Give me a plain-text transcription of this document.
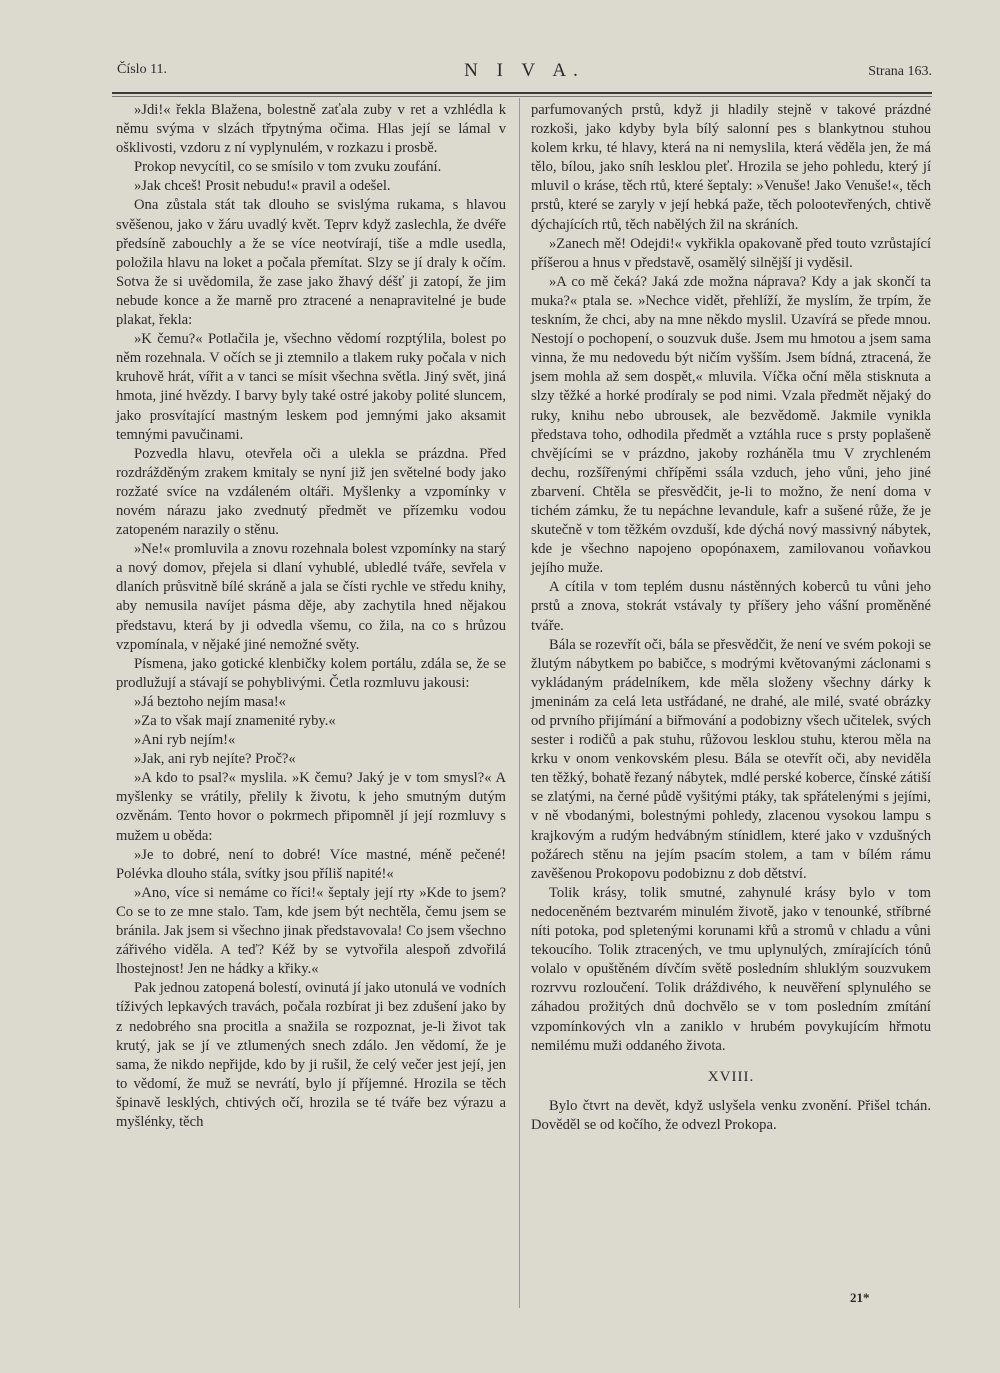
Číslo 11.	N I V A.	Strana 163.

»Jdi!« řekla Blažena, bolestně zaťala zuby v ret a vzhlédla k němu svýma v slzách třpytnýma očima. Hlas její se lámal v ošklivosti, vzdoru z ní vyplynulém, v rozkazu i prosbě.

Prokop nevycítil, co se smísilo v tom zvuku zoufání.

»Jak chceš! Prosit nebudu!« pravil a odešel.

Ona zůstala stát tak dlouho se svislýma rukama, s hlavou svěšenou, jako v žáru uvadlý květ. Teprv když zaslechla, že dvéře předsíně zabouchly a že se více neotvírají, tiše a mdle usedla, položila hlavu na loket a počala přemítat. Slzy se jí draly k očím. Sotva že si uvědomila, že zase jako žhavý déšť ji zatopí, že jim nebude konce a že marně pro ztracené a nenapravitelné je bude plakat, řekla:

»K čemu?« Potlačila je, všechno vědomí rozptýlila, bolest po něm rozehnala. V očích se ji ztemnilo a tlakem ruky počala v nich kruhově hrát, vířit a v tanci se mísit všechna světla. Jiný svět, jiná hmota, jiné hvězdy. I barvy byly také ostré jakoby polité sluncem, jako prosvítající mastným leskem pod jemnými jako aksamit temnými pavučinami.

Pozvedla hlavu, otevřela oči a ulekla se prázdna. Před rozdrážděným zrakem kmitaly se nyní již jen světelné body jako rozžaté svíce na vzdáleném oltáři. Myšlenky a vzpomínky v novém nárazu jako zvednutý předmět ve přízemku vodou zatopeném narazily o stěnu.

»Ne!« promluvila a znovu rozehnala bolest vzpomínky na starý a nový domov, přejela si dlaní vyhublé, ubledlé tváře, sevřela v dlaních průsvitně bílé skráně a jala se čísti rychle ve středu knihy, aby nemusila navíjet pásma děje, aby zachytila hned nějakou představu, která by ji odvedla všemu, co žila, na co s hrůzou vzpomínala, v nějaké jiné nemožné světy.

Písmena, jako gotické klenbičky kolem portálu, zdála se, že se prodlužují a stávají se pohyblivými. Četla rozmluvu jakousi:

»Já beztoho nejím masa!«

»Za to však mají znamenité ryby.«

»Ani ryb nejím!«

»Jak, ani ryb nejíte? Proč?«

»A kdo to psal?« myslila. »K čemu? Jaký je v tom smysl?« A myšlenky se vrátily, přelily k životu, k jeho smutným dutým ozvěnám. Tento hovor o pokrmech připomněl jí její rozmluvy s mužem u oběda:

»Je to dobré, není to dobré! Více mastné, méně pečené! Polévka dlouho stála, svítky jsou příliš napité!«

»Ano, více si nemáme co říci!« šeptaly její rty »Kde to jsem? Co se to ze mne stalo. Tam, kde jsem být nechtěla, čemu jsem se bránila. Jak jsem si všechno jinak představovala! Co jsem všechno zářivého viděla. A teď? Kéž by se vytvořila alespoň zdvořilá lhostejnost! Jen ne hádky a křiky.«

Pak jednou zatopená bolestí, ovinutá jí jako utonulá ve vodních tíživých lepkavých travách, počala rozbírat ji bez zdušení jako by z nedobrého sna procitla a snažila se rozpoznat, je-li život tak krutý, jak se jí ve ztlumených snech zdálo. Jen vědomí, že je sama, že nikdo nepřijde, kdo by ji rušil, že celý večer jest její, jen to vědomí, že muž se nevrátí, bylo jí příjemné. Hrozila se těch špinavě lesklých, chtivých očí, hrozila se té tváře bez výrazu a myšlénky, těch

parfumovaných prstů, když ji hladily stejně v takové prázdné rozkoši, jako kdyby byla bílý salonní pes s blankytnou stuhou kolem krku, té hlavy, která na ni nemyslila, která věděla jen, že má tělo, bílou, jako sníh lesklou pleť. Hrozila se jeho pohledu, který jí mluvil o kráse, těch rtů, které šeptaly: »Venuše! Jako Venuše!«, těch prstů, které se zaryly v její hebká paže, těch polootevřených, chtivě dýchajících rtů, těch nabělých žil na skráních.

»Zanech mě! Odejdi!« vykřikla opakovaně před touto vzrůstající příšerou a hnus v představě, osamělý silnější ji vyděsil.

»A co mě čeká? Jaká zde možna náprava? Kdy a jak skončí ta muka?« ptala se. »Nechce vidět, přehlíží, že myslím, že trpím, že teskním, že chci, aby na mne někdo myslil. Uzavírá se přede mnou. Nestojí o pochopení, o souzvuk duše. Jsem mu hmotou a jsem sama vinna, že mu nedovedu být ničím vyšším. Jsem bídná, ztracená, že jsem mohla až sem dospět,« mluvila. Víčka oční měla stisknuta a slzy těžké a horké prodíraly se pod nimi. Vzala předmět nějaký do ruky, knihu nebo ubrousek, ale bezvědomě. Jakmile vynikla představa toho, odhodila předmět a vztáhla ruce s prsty poplašeně chvějícími se v prázdno, jakoby rozháněla tmu V zrychleném dechu, rozšířenými chřípěmi ssála vzduch, jeho vůni, jeho jiné zbarvení. Chtěla se přesvědčit, je-li to možno, že není doma v tichém zámku, že tu nepáchne levandule, kafr a sušené růže, že je skutečně v tom těžkém ovzduší, kde dýchá nový massivný nábytek, kde je všechno napojeno opopónaxem, zamilovanou voňavkou jejího muže.

A cítila v tom teplém dusnu nástěnných koberců tu vůni jeho prstů a znova, stokrát vstávaly ty příšery jeho vášní proměněné tváře.

Bála se rozevřít oči, bála se přesvědčit, že není ve svém pokoji se žlutým nábytkem po babičce, s modrými květovanými záclonami s vykládaným prádelníkem, kde měla složeny všechny dárky k jmeninám za celá leta ustřádané, ne drahé, ale milé, svaté obrázky od prvního přijímání a biřmování a podobizny všech učitelek, svých sester i rodičů a pak stuhu, růžovou lesklou stuhu, kterou měla na krku v onom venkovském plesu. Bála se otevřít oči, aby neviděla ten těžký, bohatě řezaný nábytek, mdlé perské koberce, čínské zátiší se zlatými, na černé půdě vyšitými ptáky, tak spřátelenými s jejími, v ně vbodanými, bolestnými pohledy, zlacenou vysokou lampu s krajkovým a rudým hedvábným stínidlem, které jako v vzdušných požárech stěnu na jejím psacím stolem, a tam v bílém rámu zavěšenou Prokopovu podobiznu z dob dětství.

Tolik krásy, tolik smutné, zahynulé krásy bylo v tom nedoceněném beztvarém minulém životě, jako v tenounké, stříbrné níti potoka, pod spletenými korunami křů a stromů v chladu a vůni tekoucího. Tolik ztracených, ve tmu uplynulých, zmírajících tónů volalo v opuštěném dívčím světě posledním shluklým souzvukem rozrvvu rozloučení. Tolik dráždivého, k neuvěření splynulého se záhadou prožitých dnů dochvělo se v tom posledním zmítání vzpomínkových vln a zaniklo v hrubém povykujícím hřmotu nemilému muži oddaného života.

XVIII.

Bylo čtvrt na devět, když uslyšela venku zvonění. Přišel tchán. Dověděl se od kočího, že odvezl Prokopa.

21*
